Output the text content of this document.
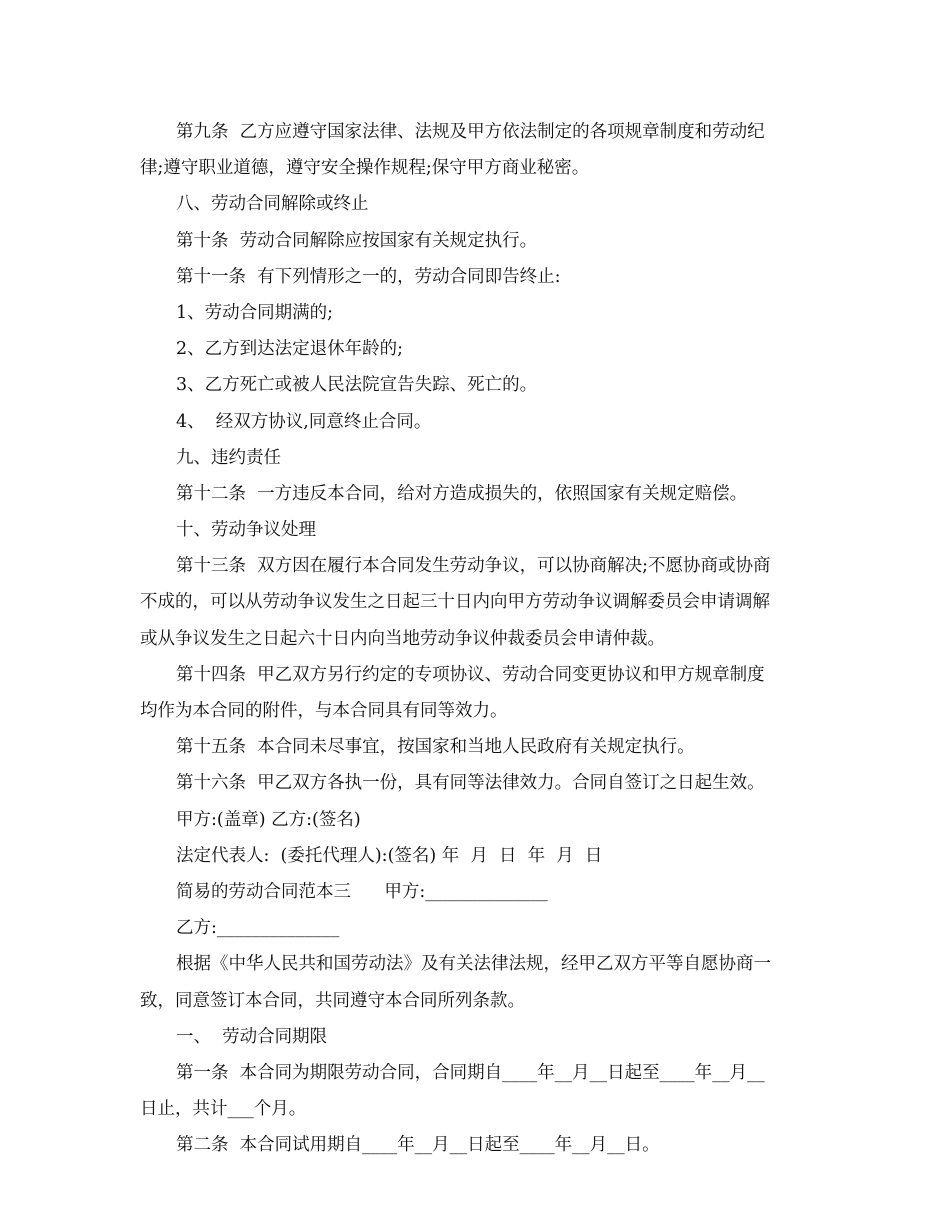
第九条  乙方应遵守国家法律、法规及甲方依法制定的各项规章制度和劳动纪
律;遵守职业道德，遵守安全操作规程;保守甲方商业秘密。
八、劳动合同解除或终止
第十条  劳动合同解除应按国家有关规定执行。
第十一条  有下列情形之一的，劳动合同即告终止:
1、劳动合同期满的;
2、乙方到达法定退休年龄的;
3、乙方死亡或被人民法院宣告失踪、死亡的。
4、  经双方协议,同意终止合同。
九、违约责任
第十二条  一方违反本合同，给对方造成损失的，依照国家有关规定赔偿。
十、劳动争议处理
第十三条  双方因在履行本合同发生劳动争议，可以协商解决;不愿协商或协商
不成的，可以从劳动争议发生之日起三十日内向甲方劳动争议调解委员会申请调解
或从争议发生之日起六十日内向当地劳动争议仲裁委员会申请仲裁。
第十四条  甲乙双方另行约定的专项协议、劳动合同变更协议和甲方规章制度
均作为本合同的附件，与本合同具有同等效力。
第十五条  本合同未尽事宜，按国家和当地人民政府有关规定执行。
第十六条  甲乙双方各执一份，具有同等法律效力。合同自签订之日起生效。
甲方:(盖章) 乙方:(签名)
法定代表人:  (委托代理人):(签名) 年  月  日  年  月  日
简易的劳动合同范本三      甲方:______________
乙方:______________
根据《中华人民共和国劳动法》及有关法律法规，经甲乙双方平等自愿协商一
致，同意签订本合同，共同遵守本合同所列条款。
一、  劳动合同期限
第一条  本合同为期限劳动合同，合同期自____年__月__日起至____年__月__
日止，共计___个月。
第二条  本合同试用期自____年__月__日起至____年__月__日。
